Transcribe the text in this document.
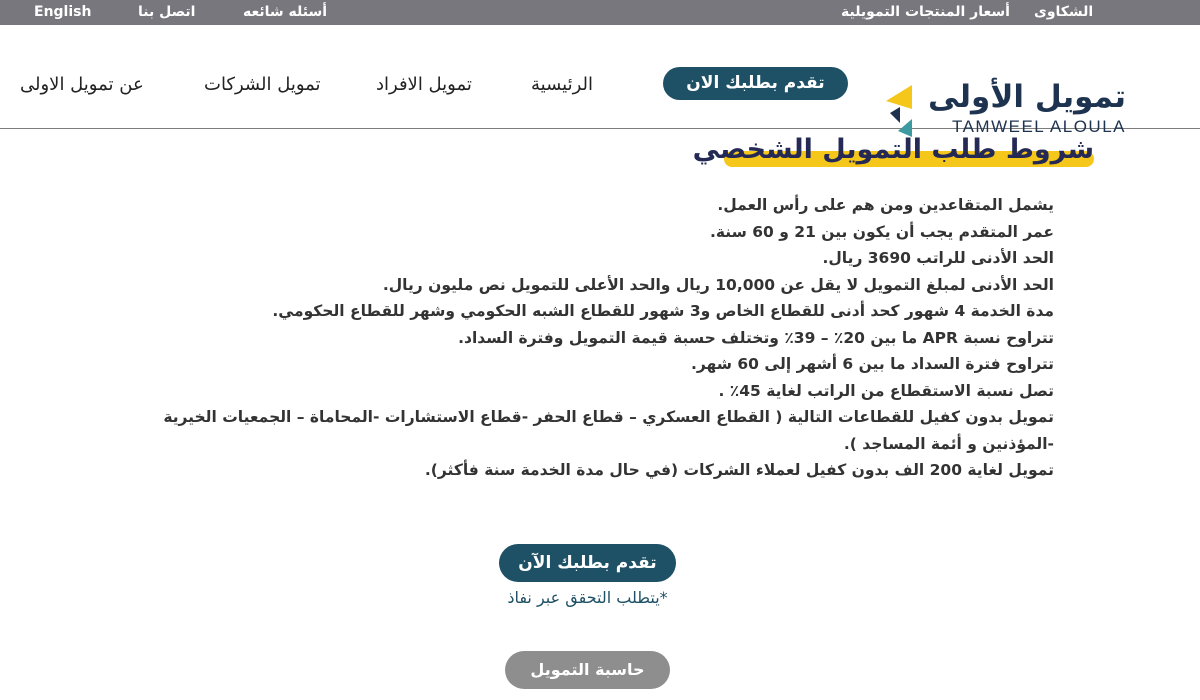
English	اتصل بنا	أسئله شائعه	أسعار المنتجات التمويلية الشكاوى
تمويل الأولى
TAMWEEL ALOULA
تقدم بطلبك الان
الرئيسية
تمويل الافراد
تمويل الشركات
عن تمويل الاولى
شروط طلب التمويل الشخصي
يشمل المتقاعدين ومن هم على رأس العمل.
عمر المتقدم يجب أن يكون بين 21 و 60 سنة.
الحد الأدنى للراتب 3690 ريال.
الحد الأدنى لمبلغ التمويل لا يقل عن 10,000 ريال والحد الأعلى للتمويل نص مليون ريال.
مدة الخدمة 4 شهور كحد أدنى للقطاع الخاص و3 شهور للقطاع الشبه الحكومي وشهر للقطاع الحكومي.
تتراوح نسبة APR ما بين 20٪ – 39٪ وتختلف حسبة قيمة التمويل وفترة السداد.
تتراوح فترة السداد ما بين 6 أشهر إلى 60 شهر.
تصل نسبة الاستقطاع من الراتب لغاية 45٪ .
تمويل بدون كفيل للقطاعات التالية ( القطاع العسكري – قطاع الحفر -قطاع الاستشارات -المحاماة – الجمعيات الخيرية -المؤذنين و أئمة المساجد ).
تمويل لغاية 200 الف بدون كفيل لعملاء الشركات (في حال مدة الخدمة سنة فأكثر).
تقدم بطلبك الآن
*يتطلب التحقق عبر نفاذ
حاسبة التمويل
